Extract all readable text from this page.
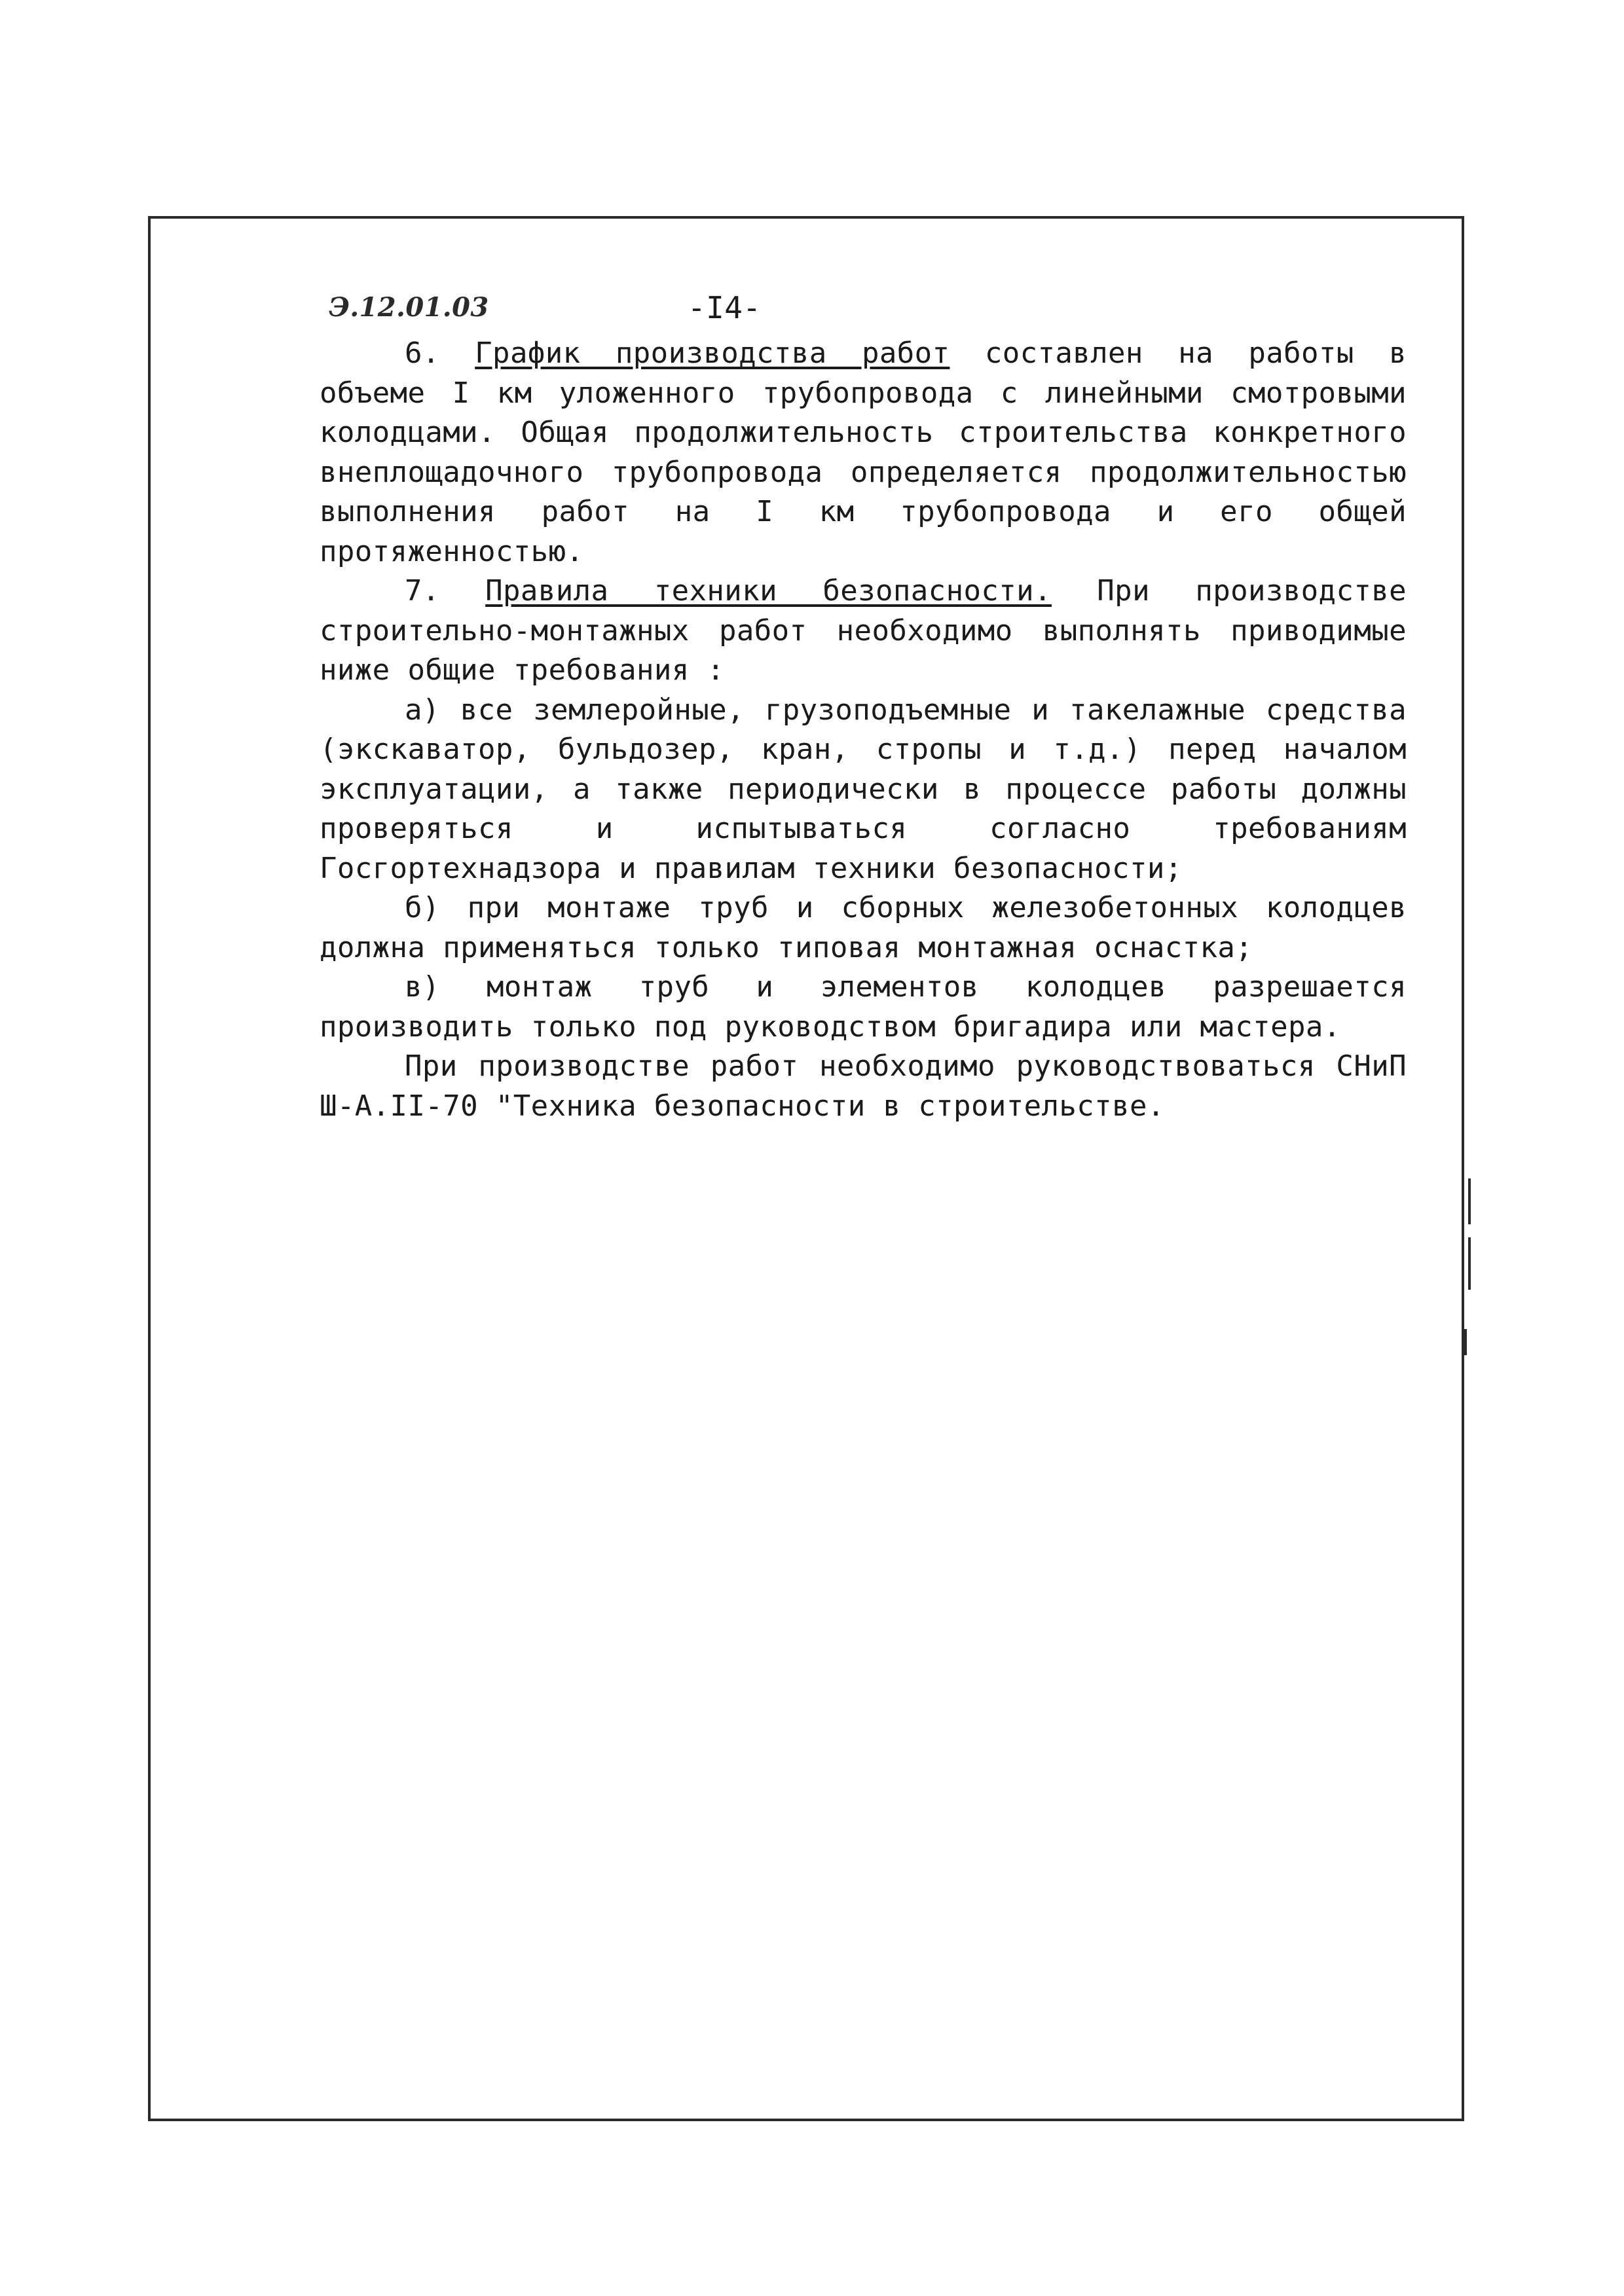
Э.12.01.03	-I4-

6. График производства работ составлен на работы в объеме I км уложенного трубопровода с линейными смотровыми колодцами. Общая продолжительность строительства конкретного внеплощадочного трубопровода определяется продолжительностью выполнения работ на I км трубопровода и его общей протяженностью.

7. Правила техники безопасности. При производстве строительно-монтажных работ необходимо выполнять приводимые ниже общие требования :

а) все землеройные, грузоподъемные и такелажные средства (экскаватор, бульдозер, кран, стропы и т.д.) перед началом эксплуатации, а также периодически в процессе работы должны проверяться и испытываться согласно требованиям Госгортехнадзора и правилам техники безопасности;

б) при монтаже труб и сборных железобетонных колодцев должна применяться только типовая монтажная оснастка;

в) монтаж труб и элементов колодцев разрешается производить только под руководством бригадира или мастера.

При производстве работ необходимо руководствоваться СНиП Ш-А.II-70 "Техника безопасности в строительстве.
